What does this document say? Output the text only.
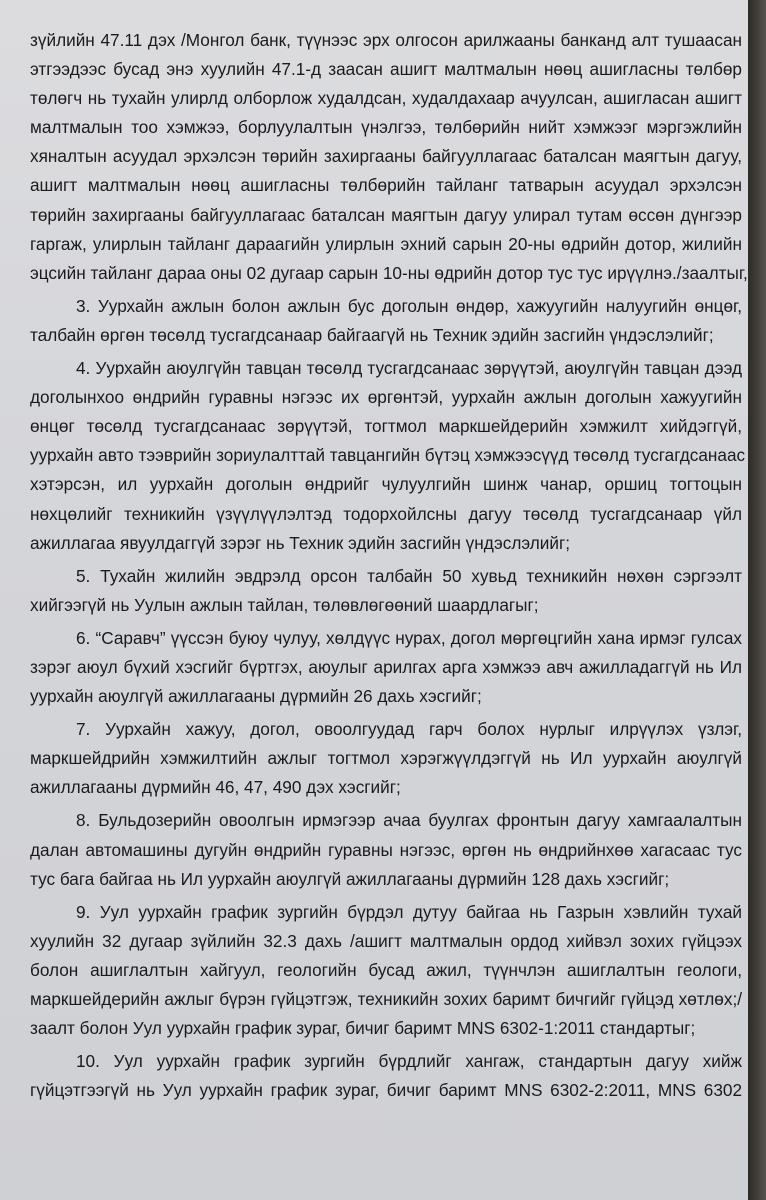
зүйлийн 47.11 дэх /Монгол банк, түүнээс эрх олгосон арилжааны банканд алт тушаасан
этгээдээс бусад энэ хуулийн 47.1-д заасан ашигт малтмалын нөөц ашигласны төлбөр
төлөгч нь тухайн улирлд олборлож худалдсан, худалдахаар ачуулсан, ашигласан ашигт
малтмалын тоо хэмжээ, борлуулалтын үнэлгээ, төлбөрийн нийт хэмжээг мэргэжлийн
хяналтын асуудал эрхэлсэн төрийн захиргааны байгууллагаас баталсан маягтын дагуу,
ашигт малтмалын нөөц ашигласны төлбөрийн тайланг татварын асуудал эрхэлсэн
төрийн захиргааны байгууллагаас баталсан маягтын дагуу улирал тутам өссөн дүнгээр
гаргаж, улирлын тайланг дараагийн улирлын эхний сарын 20-ны өдрийн дотор, жилийн
эцсийн тайланг дараа оны 02 дугаар сарын 10-ны өдрийн дотор тус тус ирүүлнэ./заалтыг,
3. Уурхайн ажлын болон ажлын бус доголын өндөр, хажуугийн налуугийн өнцөг,
талбайн өргөн төсөлд тусгагдсанаар байгаагүй нь Техник эдийн засгийн үндэслэлийг;
4. Уурхайн аюулгүйн тавцан төсөлд тусгагдсанаас зөрүүтэй, аюулгүйн тавцан дээд
доголынхоо өндрийн гуравны нэгээс их өргөнтэй, уурхайн ажлын доголын хажуугийн
өнцөг төсөлд тусгагдсанаас зөрүүтэй, тогтмол маркшейдерийн хэмжилт хийдэггүй,
уурхайн авто тээврийн зориулалттай тавцангийн бүтэц хэмжээсүүд төсөлд тусгагдсанаас
хэтэрсэн, ил уурхайн доголын өндрийг чулуулгийн шинж чанар, оршиц тогтоцын
нөхцөлийг техникийн үзүүлүүлэлтэд тодорхойлсны дагуу төсөлд тусгагдсанаар үйл
ажиллагаа явуулдаггүй зэрэг нь Техник эдийн засгийн үндэслэлийг;
5. Тухайн жилийн эвдрэлд орсон талбайн 50 хувьд техникийн нөхөн сэргээлт
хийгээгүй нь Уулын ажлын тайлан, төлөвлөгөөний шаардлагыг;
6. “Саравч” үүссэн буюу чулуу, хөлдүүс нурах, догол мөргөцгийн хана ирмэг гулсах
зэрэг аюул бүхий хэсгийг бүртгэх, аюулыг арилгах арга хэмжээ авч ажилладаггүй нь Ил
уурхайн аюулгүй ажиллагааны дүрмийн 26 дахь хэсгийг;
7. Уурхайн хажуу, догол, овоолгуудад гарч болох нурлыг илрүүлэх үзлэг,
маркшейдрийн хэмжилтийн ажлыг тогтмол хэрэгжүүлдэггүй нь Ил уурхайн аюулгүй
ажиллагааны дүрмийн 46, 47, 490 дэх хэсгийг;
8. Бульдозерийн овоолгын ирмэгээр ачаа буулгах фронтын дагуу хамгаалалтын
далан автомашины дугуйн өндрийн гуравны нэгээс, өргөн нь өндрийнхөө хагасаас тус
тус бага байгаа нь Ил уурхайн аюулгүй ажиллагааны дүрмийн 128 дахь хэсгийг;
9. Уул уурхайн график зургийн бүрдэл дутуу байгаа нь Газрын хэвлийн тухай
хуулийн 32 дугаар зүйлийн 32.3 дахь /ашигт малтмалын ордод хийвэл зохих гүйцээх
болон ашиглалтын хайгуул, геологийн бусад ажил, түүнчлэн ашиглалтын геологи,
маркшейдерийн ажлыг бүрэн гүйцэтгэж, техникийн зохих баримт бичгийг гүйцэд хөтлөх;/
заалт болон Уул уурхайн график зураг, бичиг баримт MNS 6302-1:2011 стандартыг;
10. Уул уурхайн график зургийн бүрдлийг хангаж, стандартын дагуу хийж
гүйцэтгээгүй нь Уул уурхайн график зураг, бичиг баримт MNS 6302-2:2011, MNS 6302
